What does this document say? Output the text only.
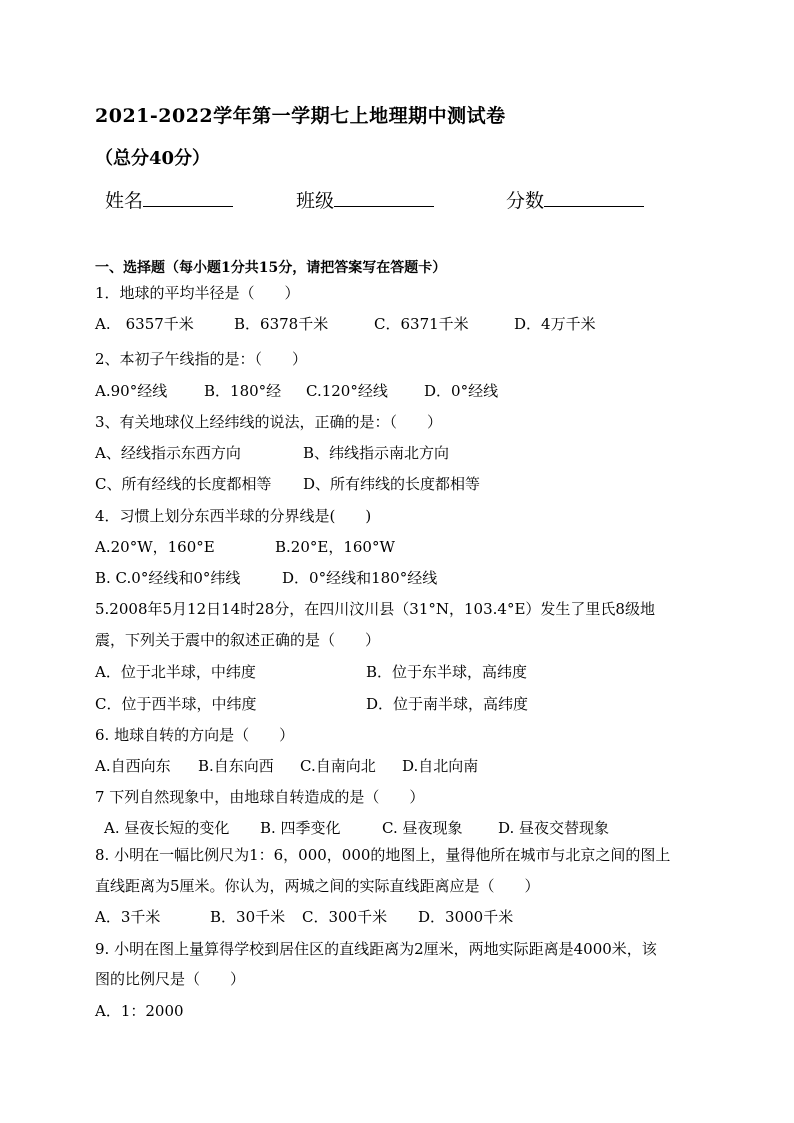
2021-2022学年第一学期七上地理期中测试卷
（总分40分）
姓名	班级	分数
一、选择题（每小题1分共15分，请把答案写在答题卡）
1．地球的平均半径是（　　）
A.　6357千米	B．6378千米	C．6371千米	D．4万千米
2、本初子午线指的是：（　　）
A.90°经线 B．180°经 C.120°经线 D．0°经线
3、有关地球仪上经纬线的说法，正确的是：（　　）
A、经线指示东西方向	B、纬线指示南北方向
C、所有经线的长度都相等 D、所有纬线的长度都相等
4．习惯上划分东西半球的分界线是(　　)
A.20°W，160°E	B.20°E，160°W
B. C.0°经线和0°纬线	D．0°经线和180°经线
5.2008年5月12日14时28分，在四川汶川县（31°N，103.4°E）发生了里氏8级地
震，下列关于震中的叙述正确的是（　　）
A．位于北半球，中纬度	B．位于东半球，高纬度
C．位于西半球，中纬度	D．位于南半球，高纬度
6. 地球自转的方向是（　　）
A.自西向东 B.自东向西 C.自南向北 D.自北向南
7 下列自然现象中，由地球自转造成的是（　　）
A. 昼夜长短的变化 B. 四季变化	C. 昼夜现象 D. 昼夜交替现象
8. 小明在一幅比例尺为1：6，000，000的地图上，量得他所在城市与北京之间的图上
直线距离为5厘米。你认为，两城之间的实际直线距离应是（　　）
A．3千米	B．30千米 C．300千米 D．3000千米
9. 小明在图上量算得学校到居住区的直线距离为2厘米，两地实际距离是4000米，该
图的比例尺是（　　）
A．1：2000
